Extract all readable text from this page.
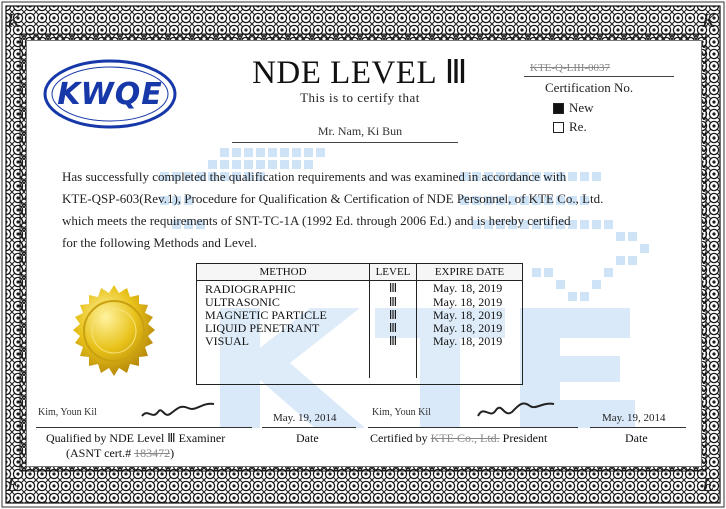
K	K
E	E
KWQE
NDE LEVEL Ⅲ
This is to certify that
KTE-Q-LIII-0037
Certification No.
New
Re.
Mr. Nam, Ki Bun

Has successfully completed the qualification requirements and was examined in accordance with

KTE-QSP-603(Rev.1), Procedure for Qualification & Certification of NDE Personnel, of KTE Co., Ltd.

which meets the requirements of SNT-TC-1A (1992 Ed. through 2006 Ed.) and is hereby certified

for the following Methods and Level.

METHOD	LEVEL	EXPIRE DATE
RADIOGRAPHIC	Ⅲ	May. 18, 2019
ULTRASONIC	Ⅲ	May. 18, 2019
MAGNETIC PARTICLE	Ⅲ	May. 18, 2019
LIQUID PENETRANT	Ⅲ	May. 18, 2019
VISUAL	Ⅲ	May. 18, 2019

Kim, Youn Kil
Qualified by NDE Level Ⅲ Examiner
May. 19, 2014
Date
(ASNT cert.# 183472)
Kim, Youn Kil
Certified by KTE Co., Ltd. President
May. 19, 2014
Date
